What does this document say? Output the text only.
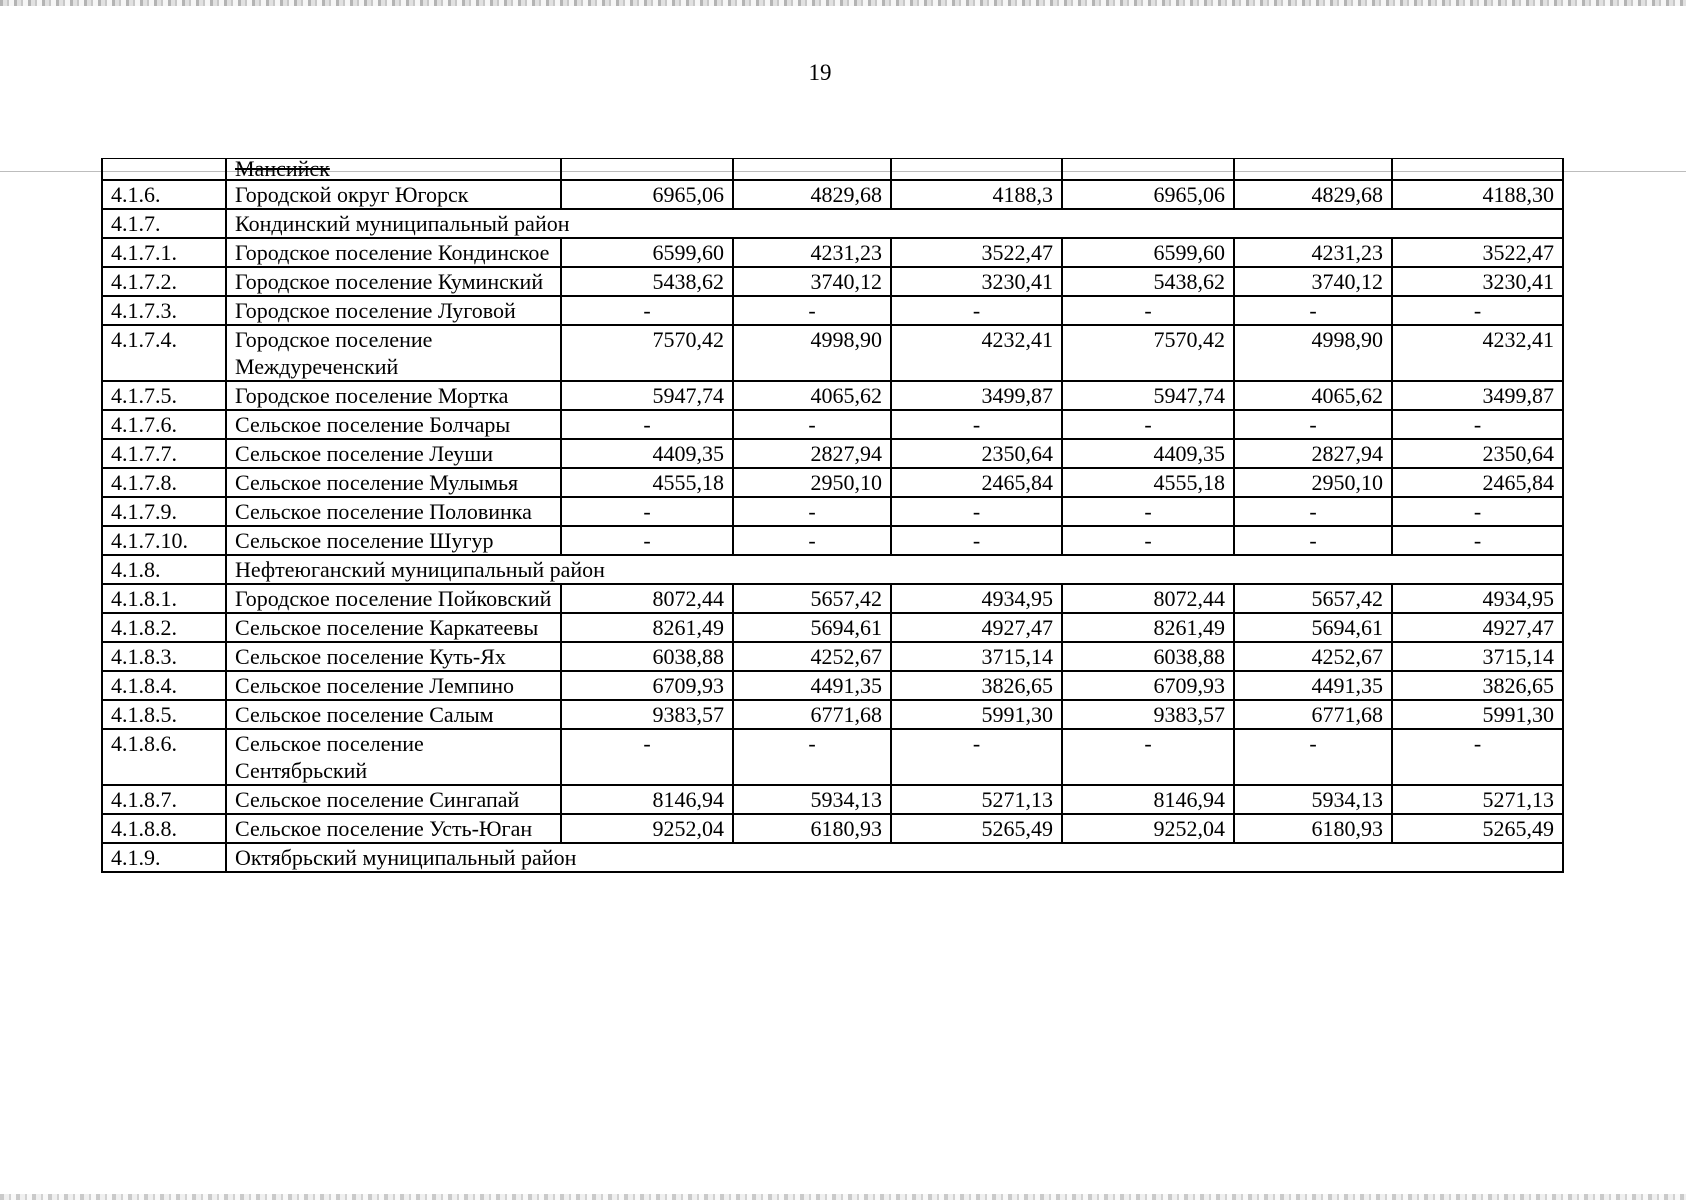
19
	Мансийск						
4.1.6.	Городской округ Югорск	6965,06	4829,68	4188,3	6965,06	4829,68	4188,30
4.1.7.	Кондинский муниципальный район						
4.1.7.1.	Городское поселение Кондинское	6599,60	4231,23	3522,47	6599,60	4231,23	3522,47
4.1.7.2.	Городское поселение Куминский	5438,62	3740,12	3230,41	5438,62	3740,12	3230,41
4.1.7.3.	Городское поселение Луговой	-	-	-	-	-	-
4.1.7.4.	Городское поселение Междуреченский	7570,42	4998,90	4232,41	7570,42	4998,90	4232,41
4.1.7.5.	Городское поселение Мортка	5947,74	4065,62	3499,87	5947,74	4065,62	3499,87
4.1.7.6.	Сельское поселение Болчары	-	-	-	-	-	-
4.1.7.7.	Сельское поселение Леуши	4409,35	2827,94	2350,64	4409,35	2827,94	2350,64
4.1.7.8.	Сельское поселение Мулымья	4555,18	2950,10	2465,84	4555,18	2950,10	2465,84
4.1.7.9.	Сельское поселение Половинка	-	-	-	-	-	-
4.1.7.10.	Сельское поселение Шугур	-	-	-	-	-	-
4.1.8.	Нефтеюганский муниципальный район						
4.1.8.1.	Городское поселение Пойковский	8072,44	5657,42	4934,95	8072,44	5657,42	4934,95
4.1.8.2.	Сельское поселение Каркатеевы	8261,49	5694,61	4927,47	8261,49	5694,61	4927,47
4.1.8.3.	Сельское поселение Куть-Ях	6038,88	4252,67	3715,14	6038,88	4252,67	3715,14
4.1.8.4.	Сельское поселение Лемпино	6709,93	4491,35	3826,65	6709,93	4491,35	3826,65
4.1.8.5.	Сельское поселение Салым	9383,57	6771,68	5991,30	9383,57	6771,68	5991,30
4.1.8.6.	Сельское поселение Сентябрьский	-	-	-	-	-	-
4.1.8.7.	Сельское поселение Сингапай	8146,94	5934,13	5271,13	8146,94	5934,13	5271,13
4.1.8.8.	Сельское поселение Усть-Юган	9252,04	6180,93	5265,49	9252,04	6180,93	5265,49
4.1.9.	Октябрьский муниципальный район						
